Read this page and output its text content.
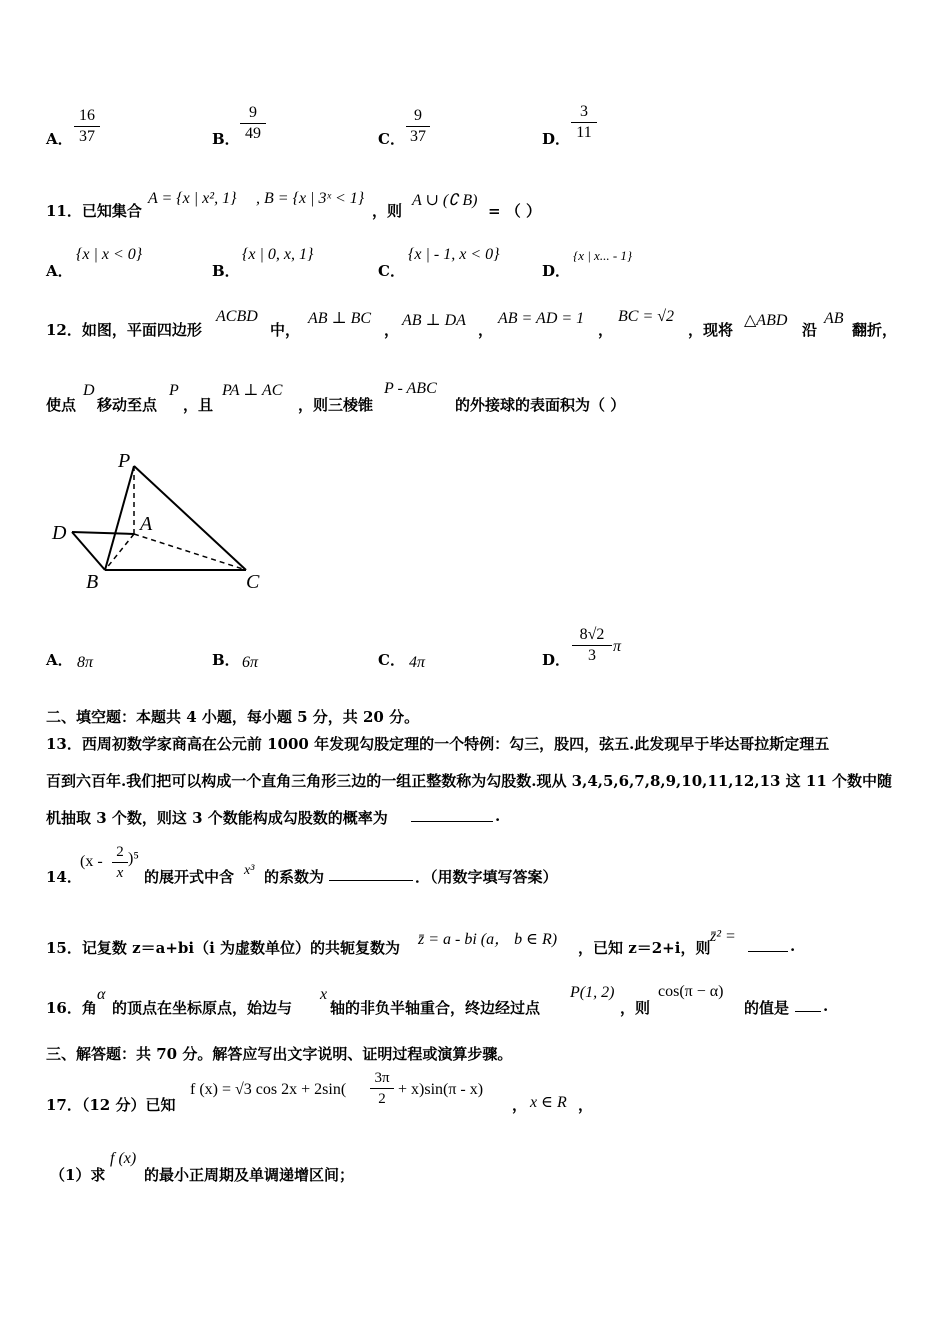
A． $\frac{16}{37}$	B． $\frac{9}{49}$	C． $\frac{9}{37}$	D． $\frac{3}{11}$
11．已知集合
A = {x | x², 1} , B = {x | 3ˣ < 1}
，则
A ∪ (∁ B)
= （ ）
A．
{x | x < 0}
B．
{x | 0, x, 1}
C．
{x | - 1, x < 0}
D．
{x | x... - 1}
12．如图，平面四边形
ACBD
中，
AB ⊥ BC
，
AB ⊥ DA
，
AB = AD = 1
，
BC = √2
，现将
△ABD
沿
AB
翻折，
使点
D
移动至点
P
，且
PA ⊥ AC
，则三棱锥
P - ABC
的外接球的表面积为（ ）
P
A
D
B	C
A． 8π	B． 6π	C． 4π	D． $\frac{8√2}{3}$ π
二、填空题：本题共 4 小题，每小题 5 分，共 20 分。
13．西周初数学家商高在公元前 1000 年发现勾股定理的一个特例：勾三，股四，弦五.此发现早于毕达哥拉斯定理五
百到六百年.我们把可以构成一个直角三角形三边的一组正整数称为勾股数.现从 3,4,5,6,7,8,9,10,11,12,13 这 11 个数中随
机抽取 3 个数，则这 3 个数能构成勾股数的概率为	.
14．
$(x - \frac{2}{x} )^5$
的展开式中含 x³ 的系数为	．（用数字填写答案）
15．记复数 z＝a+bi（i 为虚数单位）的共轭复数为 z̄ = a - bi (a， b ∈ R) ，已知 z＝2+i，则
z̄² =
.
16．角
α
的顶点在坐标原点，始边与
x
轴的非负半轴重合，终边经过点
P(1, 2)
，则
cos(π − α)
的值是 .
三、解答题：共 70 分。解答应写出文字说明、证明过程或演算步骤。
17．（12 分）已知
f (x) = √3 $\cos 2x + 2\sin( \frac{3\pi}{2} + x)\sin(\pi - x)$
， x ∈ R ，
（1）求
f (x)
的最小正周期及单调递增区间；
